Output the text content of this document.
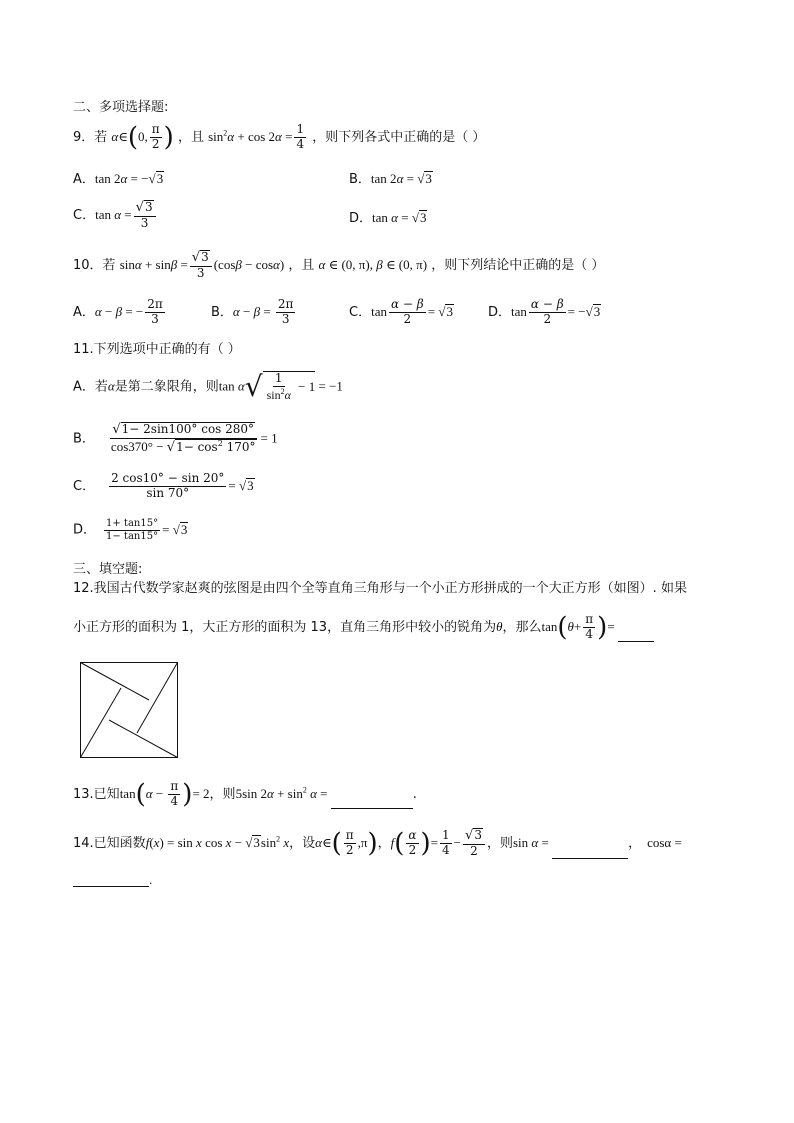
二、多项选择题:
9．若 α∈(0, $\frac{\pi}{2}$ ) ，且 $\sin^2\alpha + \cos 2\alpha = \frac{1}{4}$ ，则下列各式中正确的是（ ）
A．tan 2α = −√3	B．tan 2α = √3
C．$\tan \alpha = \frac{√3}{3}$	D．tan α = √3
10．若 $\sin\alpha + \sin\beta = \frac{√3}{3} (\cos\beta - \cos\alpha)$ ，且 α ∈ (0, π), β ∈ (0, π) ，则下列结论中正确的是（ ）
A．α − β = − $\frac{2\pi}{3}$	B．$\alpha - \beta = \frac{2\pi}{3}$	C．$\tan \frac{\alpha - \beta}{2} = √3$	D．$\tan \frac{\alpha - \beta}{2} = -√3$
11.下列选项中正确的有（ ）
A．若α是第二象限角，则$\tan \alpha√ \frac{1}{\sin^2\alpha} - 1 = -1$
B． $\frac{√1- 2\sin 100^\circ \cos 280^\circ}{\cos 370^\circ - √1- \cos^2 170^\circ} = 1$
C． $\frac{2 \cos 10^\circ - \sin 20^\circ}{\sin 70^\circ} = √3$
D． $\frac{1+ \tan 15^\circ}{1- \tan 15^\circ} = √3$
三、填空题:
12.我国古代数学家赵爽的弦图是由四个全等直角三角形与一个小正方形拼成的一个大正方形（如图）. 如果
小正方形的面积为 1，大正方形的面积为 13，直角三角形中较小的锐角为θ，那么$\tan(\theta+ \frac{\pi}{4}$ )=
13.已知$\tan(\alpha - \frac{\pi}{4}$ )= 2，则5sin $2\alpha + \sin^2 \alpha$ =	.
14.已知函数f(x) = sin x $\cos x - √3\sin^2$ x，设α∈( $\frac{\pi}{2} ,\pi$)，$f( \frac{\alpha}{2}$ )= $\frac{1}{4} - \frac{√3}{2}$ ，则sin α =	， cosα =
.
